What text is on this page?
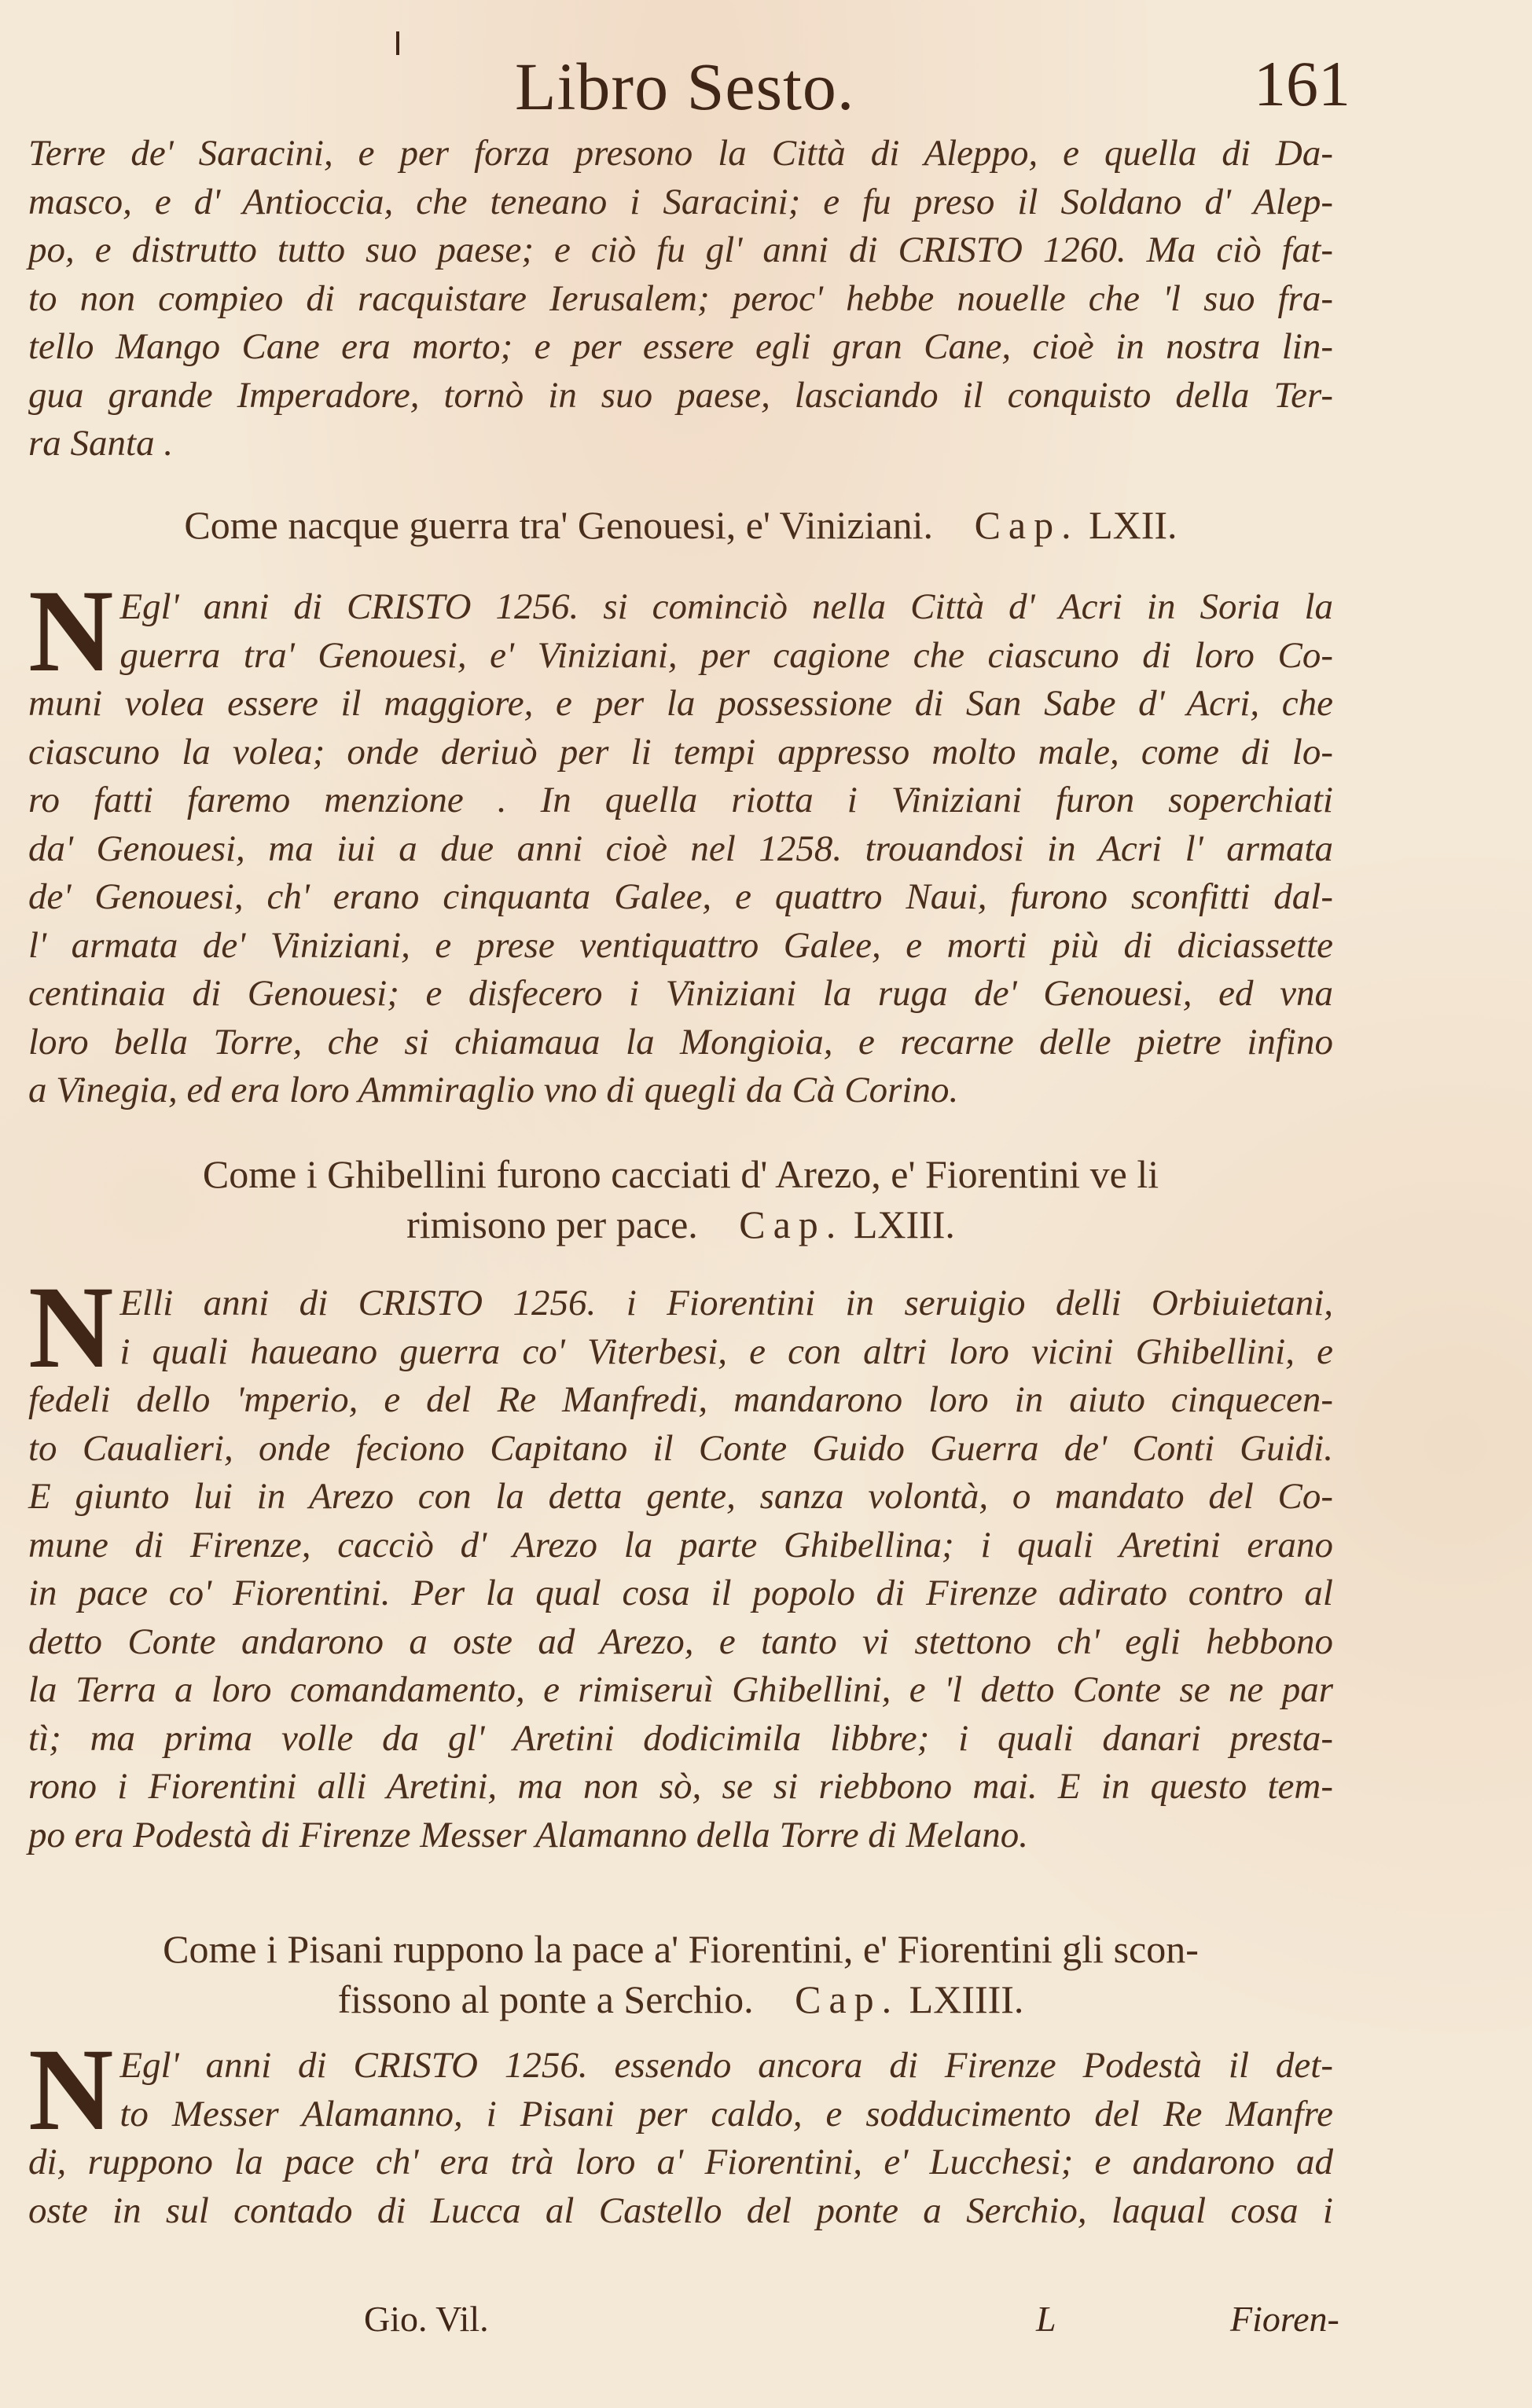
Libro Sesto.	161
Terre de' Saracini, e per forza presono la Città di Aleppo, e quella di Da-
masco, e d' Antioccia, che teneano i Saracini; e fu preso il Soldano d' Alep-
po, e distrutto tutto suo paese; e ciò fu gl' anni di CRISTO 1260. Ma ciò fat-
to non compieo di racquistare Ierusalem; peroc' hebbe nouelle che 'l suo fra-
tello Mango Cane era morto; e per essere egli gran Cane, cioè in nostra lin-
gua grande Imperadore, tornò in suo paese, lasciando il conquisto della Ter-
ra Santa .
Come nacque guerra tra' Genouesi, e' Viniziani. Cap. LXII.
N Egl' anni di CRISTO 1256. si cominciò nella Città d' Acri in Soria la
guerra tra' Genouesi, e' Viniziani, per cagione che ciascuno di loro Co-
muni volea essere il maggiore, e per la possessione di San Sabe d' Acri, che
ciascuno la volea; onde deriuò per li tempi appresso molto male, come di lo-
ro fatti faremo menzione . In quella riotta i Viniziani furon soperchiati
da' Genouesi, ma iui a due anni cioè nel 1258. trouandosi in Acri l' armata
de' Genouesi, ch' erano cinquanta Galee, e quattro Naui, furono sconfitti dal-
l' armata de' Viniziani, e prese ventiquattro Galee, e morti più di diciassette
centinaia di Genouesi; e disfecero i Viniziani la ruga de' Genouesi, ed vna
loro bella Torre, che si chiamaua la Mongioia, e recarne delle pietre infino
a Vinegia, ed era loro Ammiraglio vno di quegli da Cà Corino.
Come i Ghibellini furono cacciati d' Arezo, e' Fiorentini ve li
rimisono per pace. Cap. LXIII.
N Elli anni di CRISTO 1256. i Fiorentini in seruigio delli Orbiuietani,
i quali haueano guerra co' Viterbesi, e con altri loro vicini Ghibellini, e
fedeli dello 'mperio, e del Re Manfredi, mandarono loro in aiuto cinquecen-
to Caualieri, onde feciono Capitano il Conte Guido Guerra de' Conti Guidi.
E giunto lui in Arezo con la detta gente, sanza volontà, o mandato del Co-
mune di Firenze, cacciò d' Arezo la parte Ghibellina; i quali Aretini erano
in pace co' Fiorentini. Per la qual cosa il popolo di Firenze adirato contro al
detto Conte andarono a oste ad Arezo, e tanto vi stettono ch' egli hebbono
la Terra a loro comandamento, e rimiseruì Ghibellini, e 'l detto Conte se ne par
tì; ma prima volle da gl' Aretini dodicimila libbre; i quali danari presta-
rono i Fiorentini alli Aretini, ma non sò, se si riebbono mai. E in questo tem-
po era Podestà di Firenze Messer Alamanno della Torre di Melano.
Come i Pisani ruppono la pace a' Fiorentini, e' Fiorentini gli scon-
fissono al ponte a Serchio. Cap. LXIIII.
N Egl' anni di CRISTO 1256. essendo ancora di Firenze Podestà il det-
to Messer Alamanno, i Pisani per caldo, e sodducimento del Re Manfre
di, ruppono la pace ch' era trà loro a' Fiorentini, e' Lucchesi; e andarono ad
oste in sul contado di Lucca al Castello del ponte a Serchio, laqual cosa i
Gio. Vil.	L	Fioren-
